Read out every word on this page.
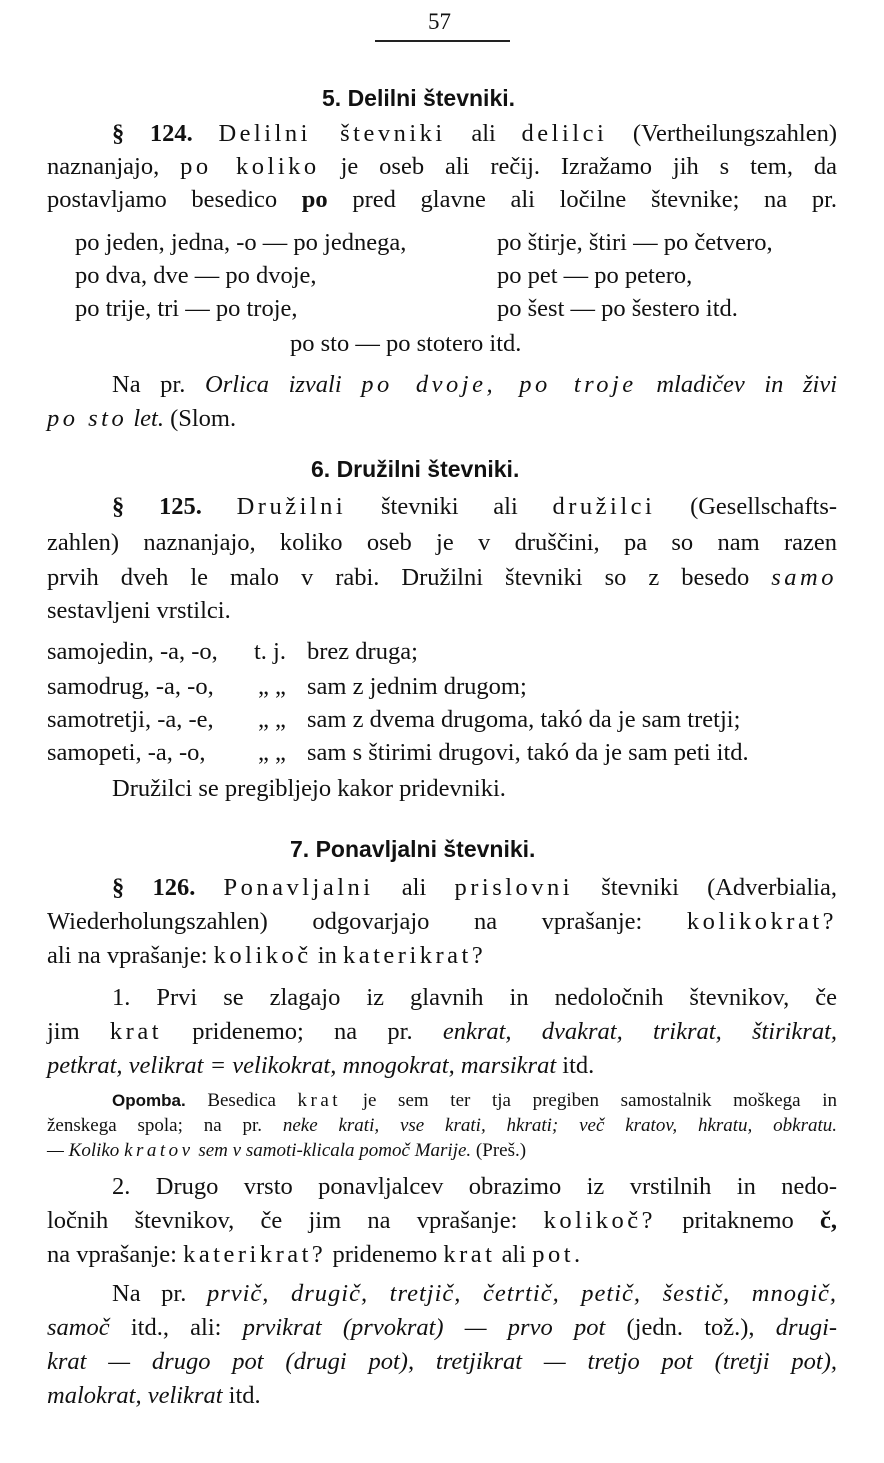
57
5. Delilni števniki.
§ 124. Delilni števniki ali delilci (Vertheilungszahlen)
naznanjajo, po koliko je oseb ali rečij. Izražamo jih s tem, da
postavljamo besedico po pred glavne ali ločilne števnike; na pr.
po jeden, jedna, -o — po jednega,	po štirje, štiri — po četvero,
po dva, dve — po dvoje,	po pet — po petero,
po trije, tri — po troje,	po šest — po šestero itd.
po sto — po stotero itd.
Na pr. Orlica izvali po dvoje, po troje mladičev in živi
po sto let. (Slom.
6. Družilni števniki.
§ 125. Družilni števniki ali družilci (Gesellschafts-
zahlen) naznanjajo, koliko oseb je v druščini, pa so nam razen
prvih dveh le malo v rabi. Družilni števniki so z besedo samo
sestavljeni vrstilci.
samojedin, -a, -o, t. j. brez druga;
samodrug, -a, -o, „ „ sam z jednim drugom;
samotretji, -a, -e, „ „ sam z dvema drugoma, takó da je sam tretji;
samopeti, -a, -o, „ „ sam s štirimi drugovi, takó da je sam peti itd.
Družilci se pregibljejo kakor pridevniki.
7. Ponavljalni števniki.
§ 126. Ponavljalni ali prislovni števniki (Adverbialia,
Wiederholungszahlen) odgovarjajo na vprašanje: kolikokrat?
ali na vprašanje: kolikoč in katerikrat?
1. Prvi se zlagajo iz glavnih in nedoločnih števnikov, če
jim krat pridenemo; na pr. enkrat, dvakrat, trikrat, štirikrat,
petkrat, velikrat = velikokrat, mnogokrat, marsikrat itd.
Opomba. Besedica krat je sem ter tja pregiben samostalnik moškega in
ženskega spola; na pr. neke krati, vse krati, hkrati; več kratov, hkratu, obkratu.
— Koliko kratov sem v samoti-klicala pomoč Marije. (Preš.)
2. Drugo vrsto ponavljalcev obrazimo iz vrstilnih in nedo-
ločnih števnikov, če jim na vprašanje: kolikoč? pritaknemo č,
na vprašanje: katerikrat? pridenemo krat ali pot.
Na pr. prvič, drugič, tretjič, četrtič, petič, šestič, mnogič,
samoč itd., ali: prvikrat (prvokrat) — prvo pot (jedn. tož.), drugi-
krat — drugo pot (drugi pot), tretjikrat — tretjo pot (tretji pot),
malokrat, velikrat itd.
